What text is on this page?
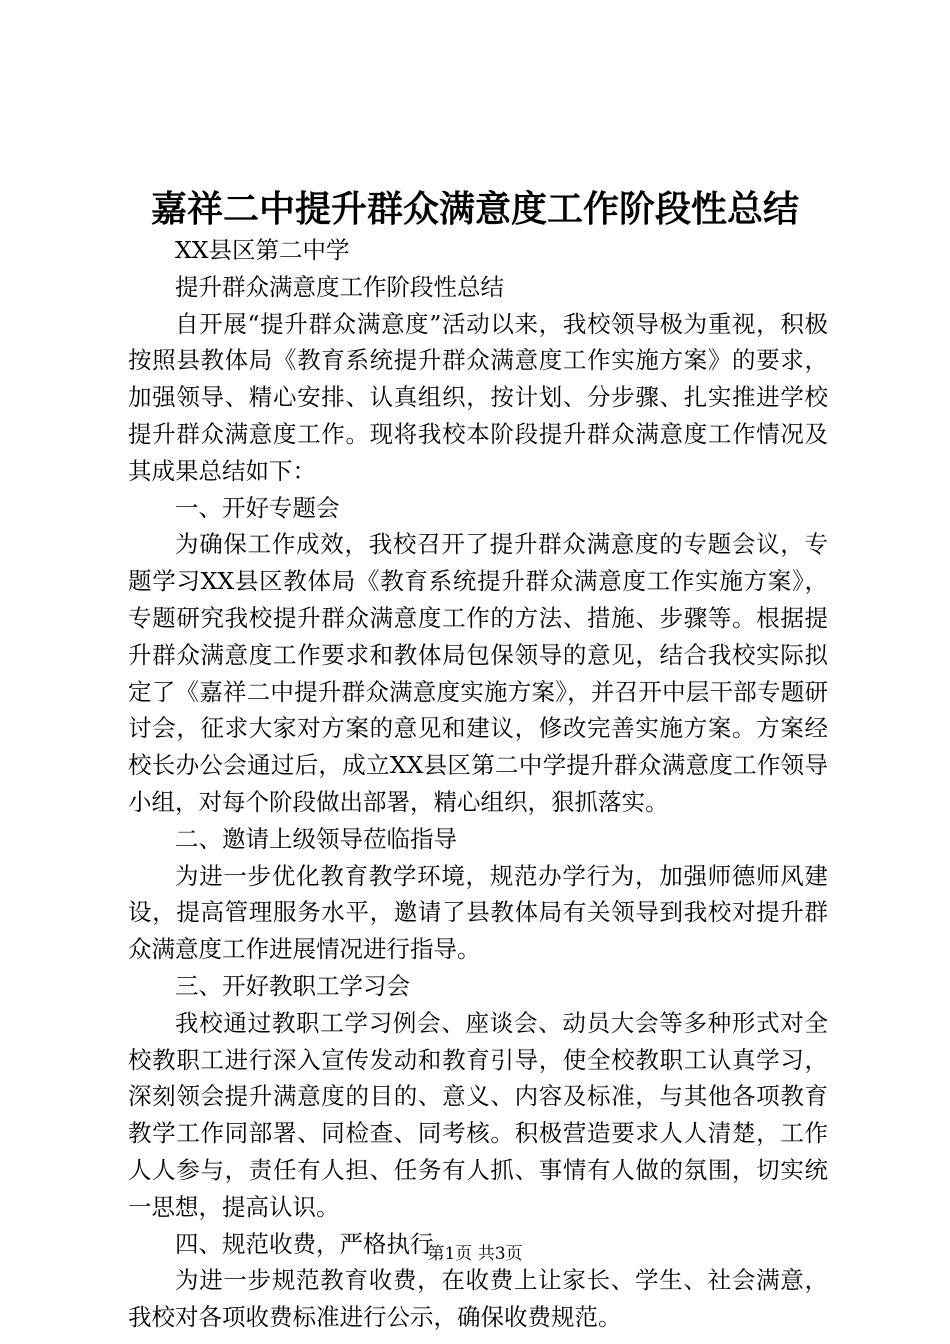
嘉祥二中提升群众满意度工作阶段性总结

XX县区第二中学

提升群众满意度工作阶段性总结

自开展“提升群众满意度”活动以来，我校领导极为重视，积极按照县教体局《教育系统提升群众满意度工作实施方案》的要求，加强领导、精心安排、认真组织，按计划、分步骤、扎实推进学校提升群众满意度工作。现将我校本阶段提升群众满意度工作情况及其成果总结如下：

一、开好专题会

为确保工作成效，我校召开了提升群众满意度的专题会议，专题学习XX县区教体局《教育系统提升群众满意度工作实施方案》，专题研究我校提升群众满意度工作的方法、措施、步骤等。根据提升群众满意度工作要求和教体局包保领导的意见，结合我校实际拟定了《嘉祥二中提升群众满意度实施方案》，并召开中层干部专题研讨会，征求大家对方案的意见和建议，修改完善实施方案。方案经校长办公会通过后，成立XX县区第二中学提升群众满意度工作领导小组，对每个阶段做出部署，精心组织，狠抓落实。

二、邀请上级领导莅临指导

为进一步优化教育教学环境，规范办学行为，加强师德师风建设，提高管理服务水平，邀请了县教体局有关领导到我校对提升群众满意度工作进展情况进行指导。

三、开好教职工学习会

我校通过教职工学习例会、座谈会、动员大会等多种形式对全校教职工进行深入宣传发动和教育引导，使全校教职工认真学习，深刻领会提升满意度的目的、意义、内容及标准，与其他各项教育教学工作同部署、同检查、同考核。积极营造要求人人清楚，工作人人参与，责任有人担、任务有人抓、事情有人做的氛围，切实统一思想，提高认识。

四、规范收费，严格执行

为进一步规范教育收费，在收费上让家长、学生、社会满意，我校对各项收费标准进行公示，确保收费规范。

第1页 共3页
